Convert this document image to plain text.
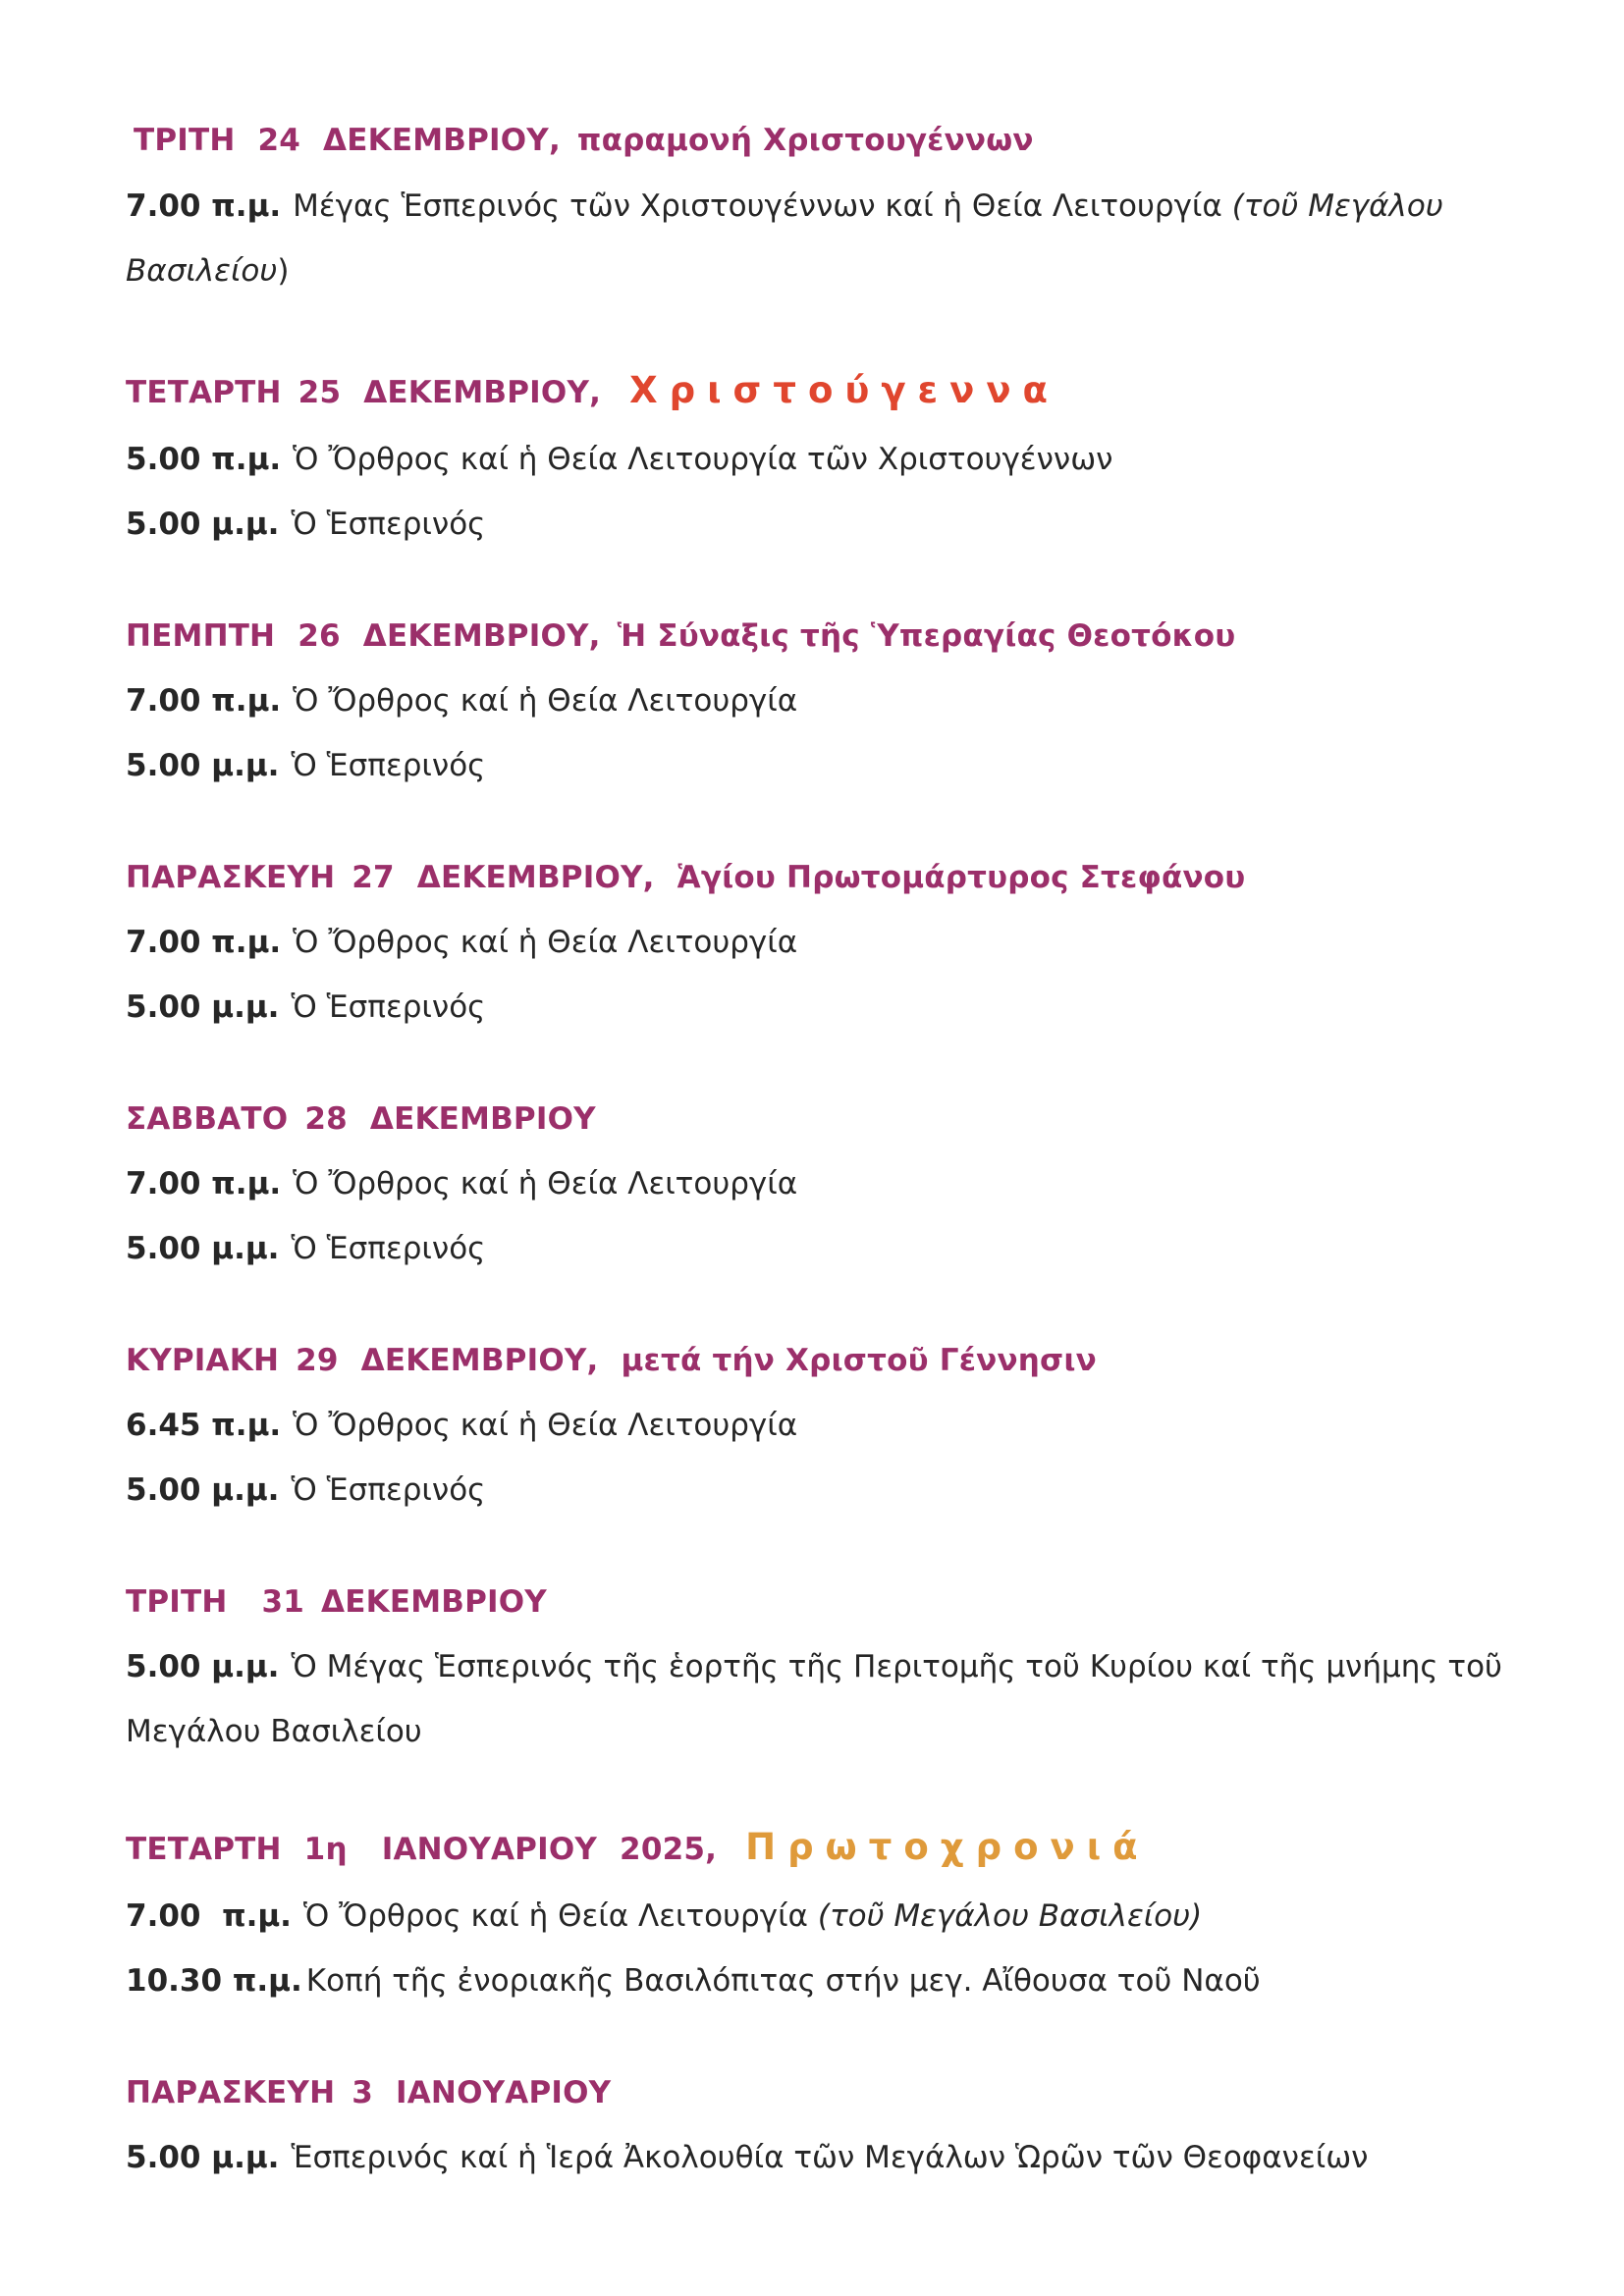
ΤΡΙΤΗ 24 ΔΕΚΕΜΒΡΙΟΥ, παραμονή Χριστουγέννων
7.00 π.μ. Μέγας Ἑσπερινός τῶν Χριστουγέννων καί ἡ Θεία Λειτουργία (τοῦ Μεγάλου
Βασιλείου)
ΤΕΤΑΡΤΗ 25 ΔΕΚΕΜΒΡΙΟΥ, Χριστούγεννα
5.00 π.μ. Ὁ Ὄρθρος καί ἡ Θεία Λειτουργία τῶν Χριστουγέννων
5.00 μ.μ. Ὁ Ἑσπερινός
ΠΕΜΠΤΗ 26 ΔΕΚΕΜΒΡΙΟΥ, Ἡ Σύναξις τῆς Ὑπεραγίας Θεοτόκου
7.00 π.μ. Ὁ Ὄρθρος καί ἡ Θεία Λειτουργία
5.00 μ.μ. Ὁ Ἑσπερινός
ΠΑΡΑΣΚΕΥΗ 27 ΔΕΚΕΜΒΡΙΟΥ, Ἁγίου Πρωτομάρτυρος Στεφάνου
7.00 π.μ. Ὁ Ὄρθρος καί ἡ Θεία Λειτουργία
5.00 μ.μ. Ὁ Ἑσπερινός
ΣΑΒΒΑΤΟ 28 ΔΕΚΕΜΒΡΙΟΥ
7.00 π.μ. Ὁ Ὄρθρος καί ἡ Θεία Λειτουργία
5.00 μ.μ. Ὁ Ἑσπερινός
ΚΥΡΙΑΚΗ 29 ΔΕΚΕΜΒΡΙΟΥ, μετά τήν Χριστοῦ Γέννησιν
6.45 π.μ. Ὁ Ὄρθρος καί ἡ Θεία Λειτουργία
5.00 μ.μ. Ὁ Ἑσπερινός
ΤΡΙΤΗ 31 ΔΕΚΕΜΒΡΙΟΥ
5.00 μ.μ. Ὁ Μέγας Ἑσπερινός τῆς ἑορτῆς τῆς Περιτομῆς τοῦ Κυρίου καί τῆς μνήμης τοῦ
Μεγάλου Βασιλείου
ΤΕΤΑΡΤΗ 1η ΙΑΝΟΥΑΡΙΟΥ 2025, Πρωτοχρονιά
7.00  π.μ. Ὁ Ὄρθρος καί ἡ Θεία Λειτουργία (τοῦ Μεγάλου Βασιλείου)
10.30 π.μ. Κοπή τῆς ἐνοριακῆς Βασιλόπιτας στήν μεγ. Αἴθουσα τοῦ Ναοῦ
ΠΑΡΑΣΚΕΥΗ 3 ΙΑΝΟΥΑΡΙΟΥ
5.00 μ.μ. Ἑσπερινός καί ἡ Ἱερά Ἀκολουθία τῶν Μεγάλων Ὡρῶν τῶν Θεοφανείων
